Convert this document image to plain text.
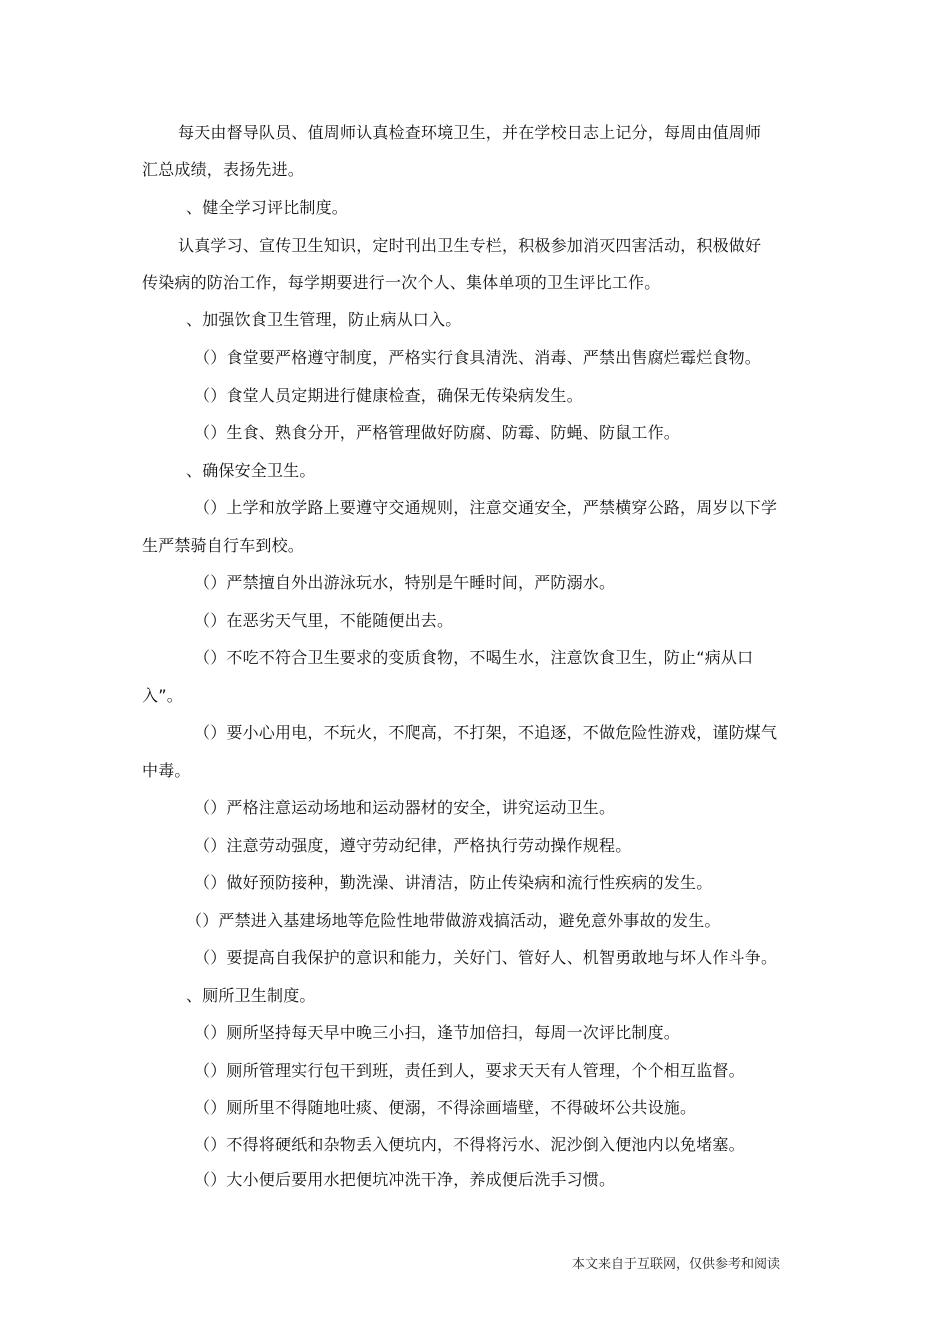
每天由督导队员、值周师认真检查环境卫生，并在学校日志上记分，每周由值周师
汇总成绩，表扬先进。
、健全学习评比制度。
认真学习、宣传卫生知识，定时刊出卫生专栏，积极参加消灭四害活动，积极做好
传染病的防治工作，每学期要进行一次个人、集体单项的卫生评比工作。
、加强饮食卫生管理，防止病从口入。
（）食堂要严格遵守制度，严格实行食具清洗、消毒、严禁出售腐烂霉烂食物。
（）食堂人员定期进行健康检查，确保无传染病发生。
（）生食、熟食分开，严格管理做好防腐、防霉、防蝇、防鼠工作。
、确保安全卫生。
（）上学和放学路上要遵守交通规则，注意交通安全，严禁横穿公路，周岁以下学
生严禁骑自行车到校。
（）严禁擅自外出游泳玩水，特别是午睡时间，严防溺水。
（）在恶劣天气里，不能随便出去。
（）不吃不符合卫生要求的变质食物，不喝生水，注意饮食卫生，防止“病从口
入”。
（）要小心用电，不玩火，不爬高，不打架，不追逐，不做危险性游戏，谨防煤气
中毒。
（）严格注意运动场地和运动器材的安全，讲究运动卫生。
（）注意劳动强度，遵守劳动纪律，严格执行劳动操作规程。
（）做好预防接种，勤洗澡、讲清洁，防止传染病和流行性疾病的发生。
（）严禁进入基建场地等危险性地带做游戏搞活动，避免意外事故的发生。
（）要提高自我保护的意识和能力，关好门、管好人、机智勇敢地与坏人作斗争。
、厕所卫生制度。
（）厕所坚持每天早中晚三小扫，逢节加倍扫，每周一次评比制度。
（）厕所管理实行包干到班，责任到人，要求天天有人管理，个个相互监督。
（）厕所里不得随地吐痰、便溺，不得涂画墙壁，不得破坏公共设施。
（）不得将硬纸和杂物丢入便坑内，不得将污水、泥沙倒入便池内以免堵塞。
（）大小便后要用水把便坑冲洗干净，养成便后洗手习惯。
本文来自于互联网，仅供参考和阅读
